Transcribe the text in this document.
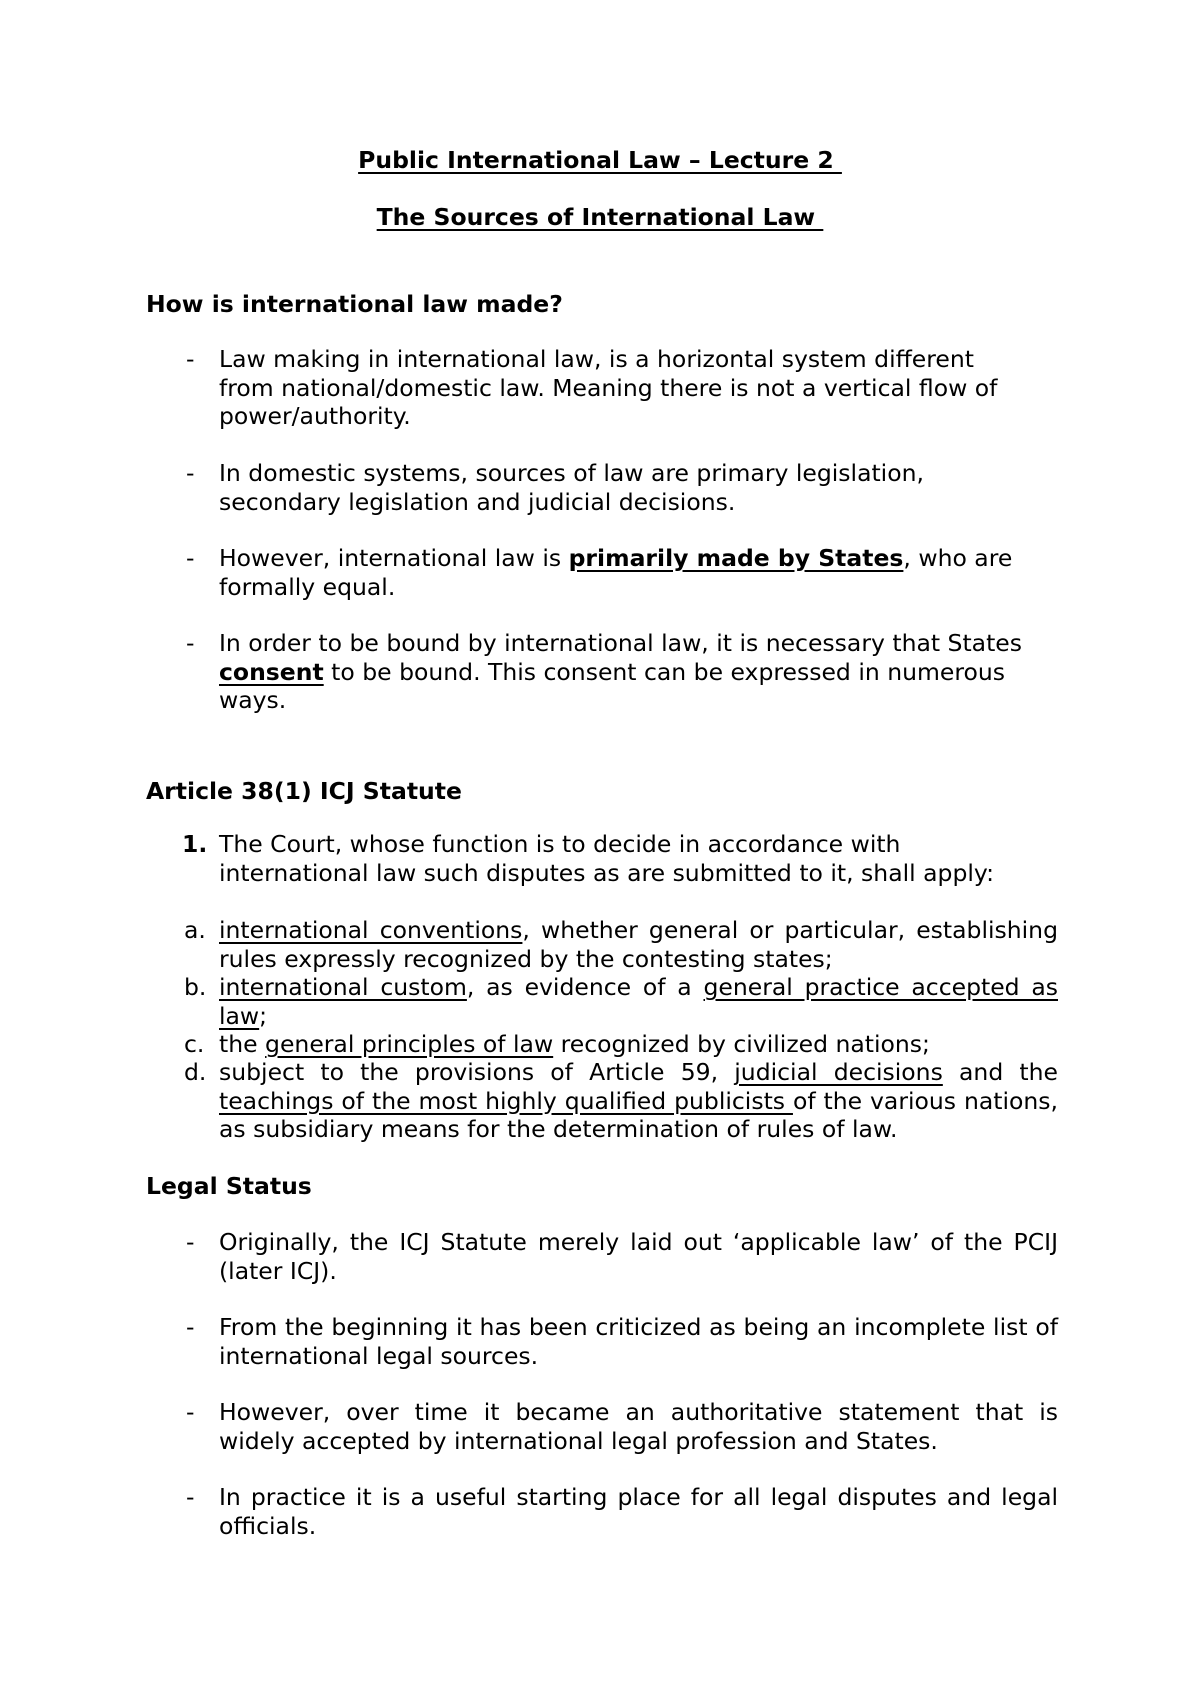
Public International Law – Lecture 2
The Sources of International Law
How is international law made?
- Law making in international law, is a horizontal system different from national/domestic law. Meaning there is not a vertical flow of power/authority.
- In domestic systems, sources of law are primary legislation, secondary legislation and judicial decisions.
- However, international law is primarily made by States, who are formally equal.
- In order to be bound by international law, it is necessary that States consent to be bound. This consent can be expressed in numerous ways.
Article 38(1) ICJ Statute
1. The Court, whose function is to decide in accordance with international law such disputes as are submitted to it, shall apply:
a. international conventions, whether general or particular, establishing rules expressly recognized by the contesting states;
b. international custom, as evidence of a general practice accepted as law;
c. the general principles of law recognized by civilized nations;
d. subject to the provisions of Article 59, judicial decisions and the teachings of the most highly qualified publicists of the various nations, as subsidiary means for the determination of rules of law.
Legal Status
- Originally, the ICJ Statute merely laid out ‘applicable law’ of the PCIJ (later ICJ).
- From the beginning it has been criticized as being an incomplete list of international legal sources.
- However, over time it became an authoritative statement that is widely accepted by international legal profession and States.
- In practice it is a useful starting place for all legal disputes and legal officials.
